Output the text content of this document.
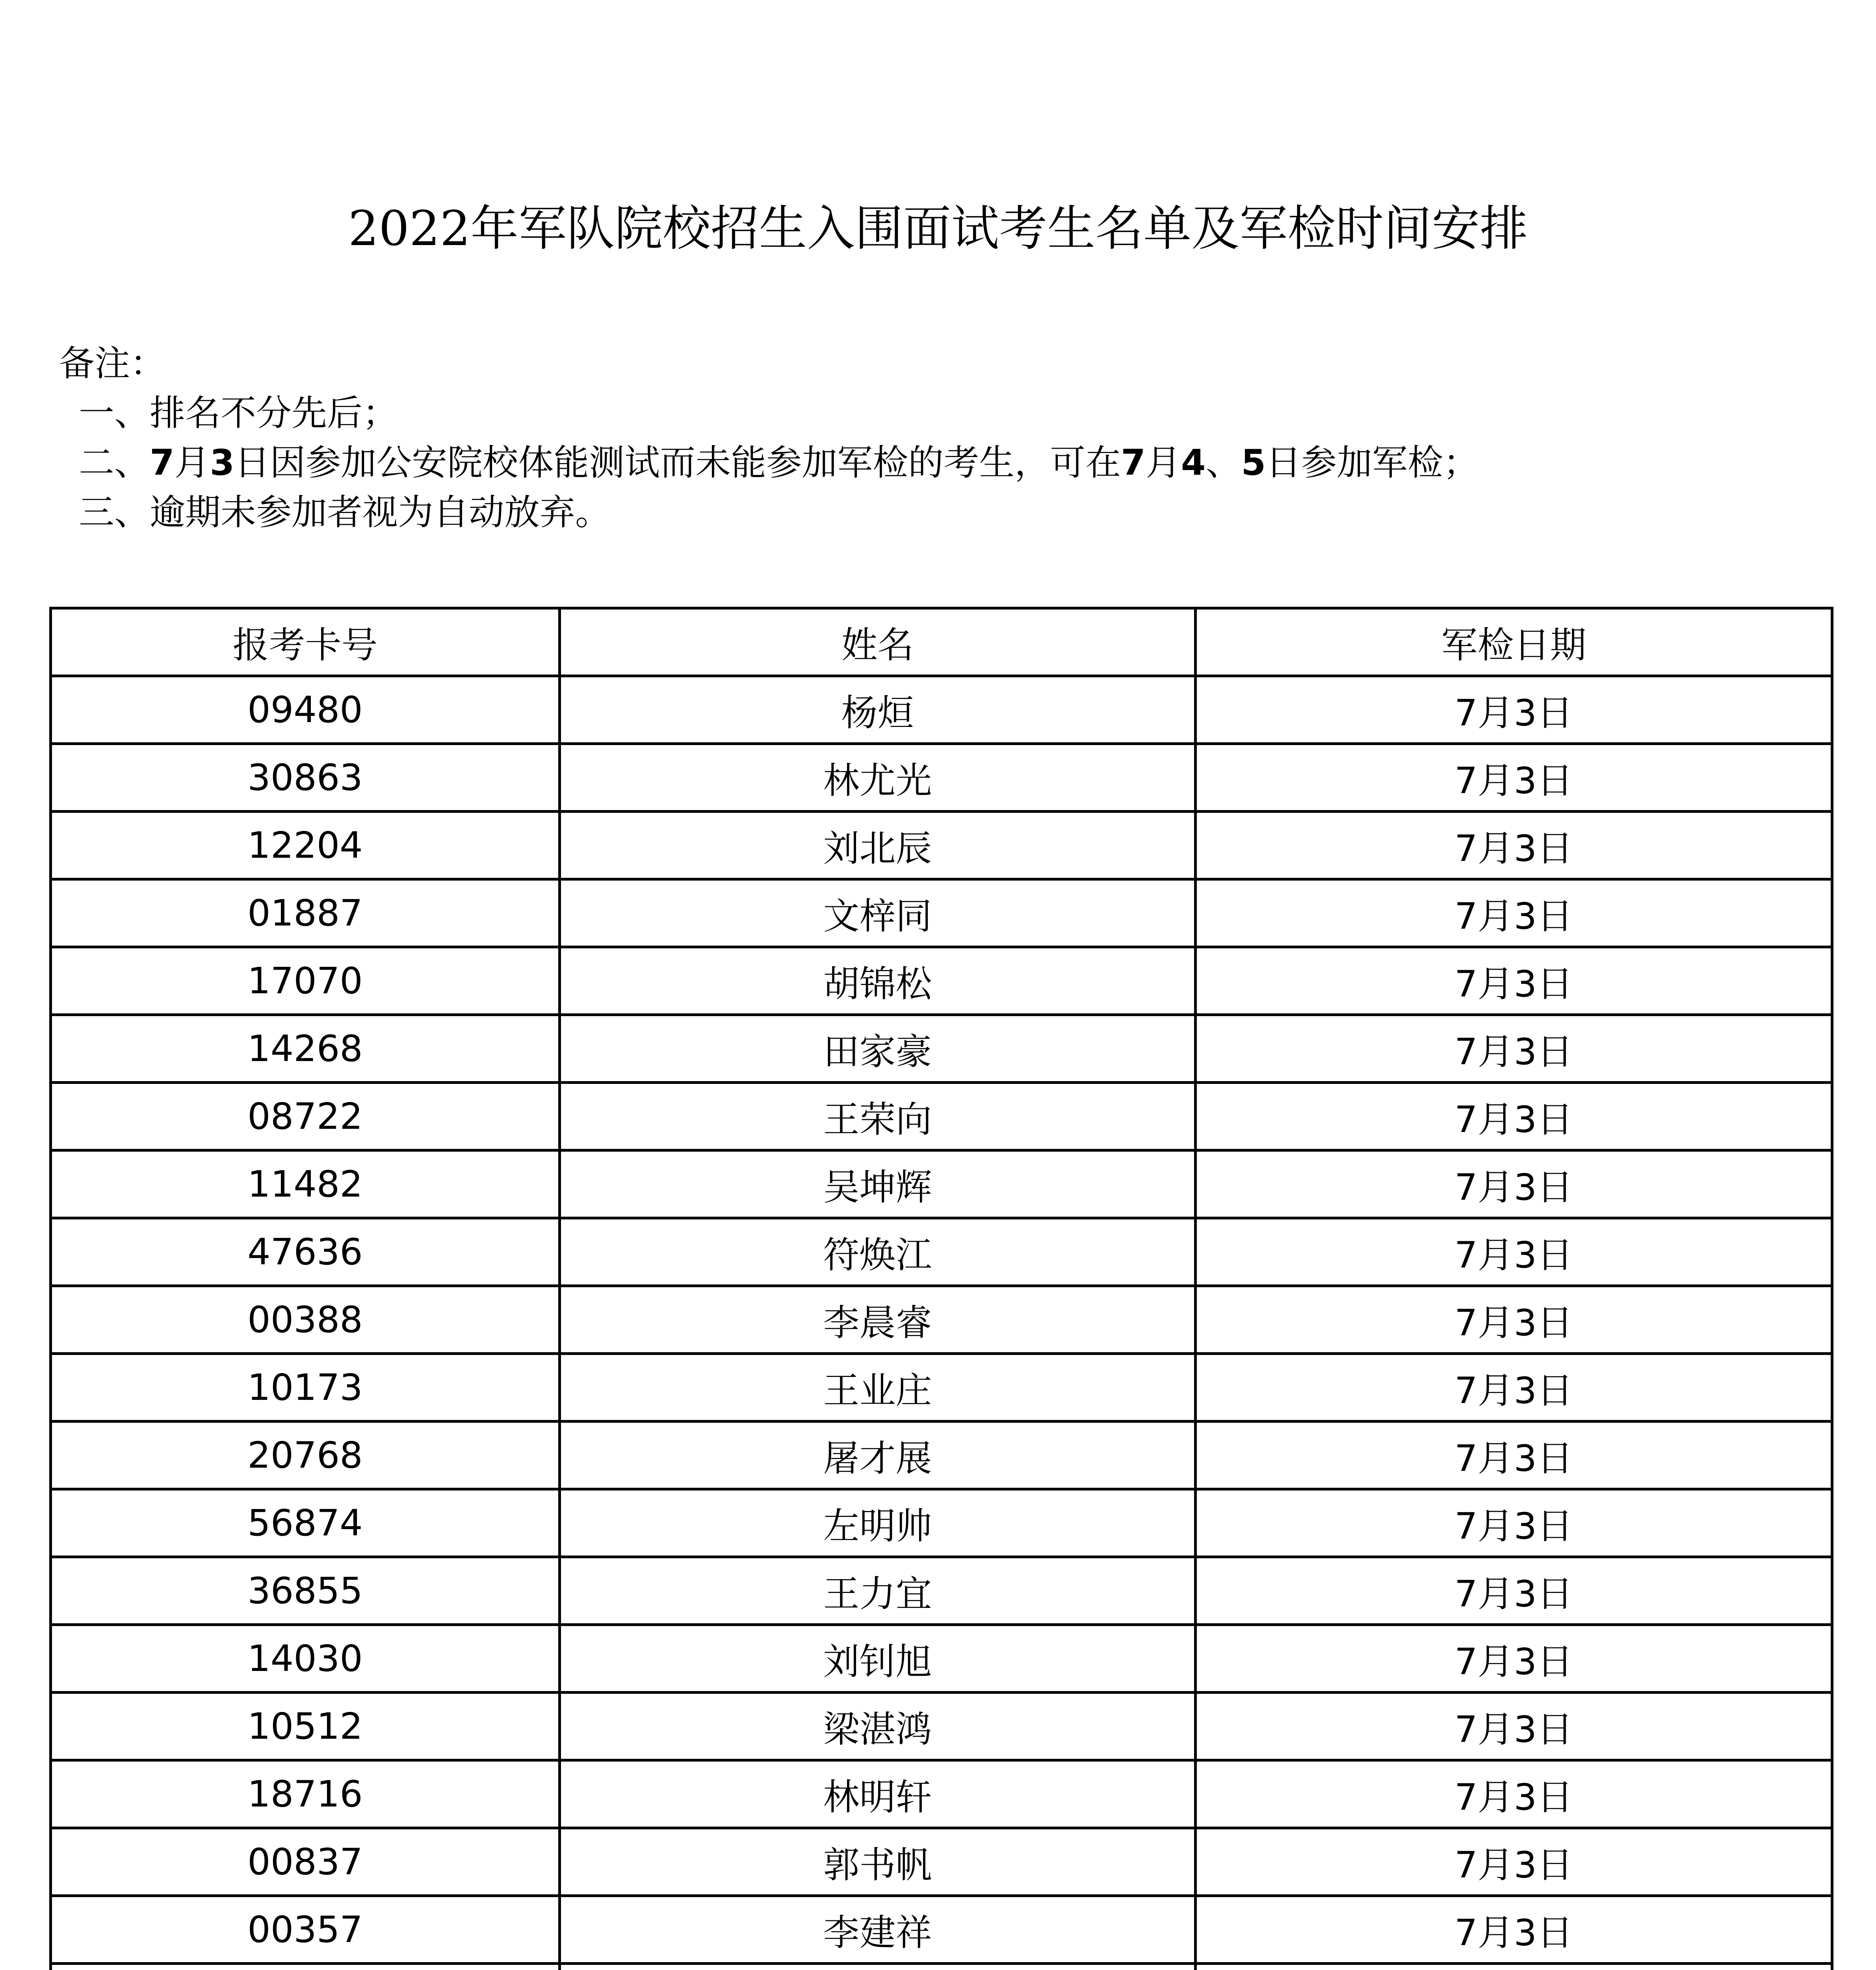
2022年军队院校招生入围面试考生名单及军检时间安排
备注：
一、排名不分先后；
二、7月3日因参加公安院校体能测试而未能参加军检的考生，可在7月4、5日参加军检；
三、逾期未参加者视为自动放弃。
报考卡号	姓名	军检日期
09480	杨烜	7月3日
30863	林尤光	7月3日
12204	刘北辰	7月3日
01887	文梓同	7月3日
17070	胡锦松	7月3日
14268	田家豪	7月3日
08722	王荣向	7月3日
11482	吴坤辉	7月3日
47636	符焕江	7月3日
00388	李晨睿	7月3日
10173	王业庄	7月3日
20768	屠才展	7月3日
56874	左明帅	7月3日
36855	王力宜	7月3日
14030	刘钊旭	7月3日
10512	梁湛鸿	7月3日
18716	林明轩	7月3日
00837	郭书帆	7月3日
00357	李建祥	7月3日
